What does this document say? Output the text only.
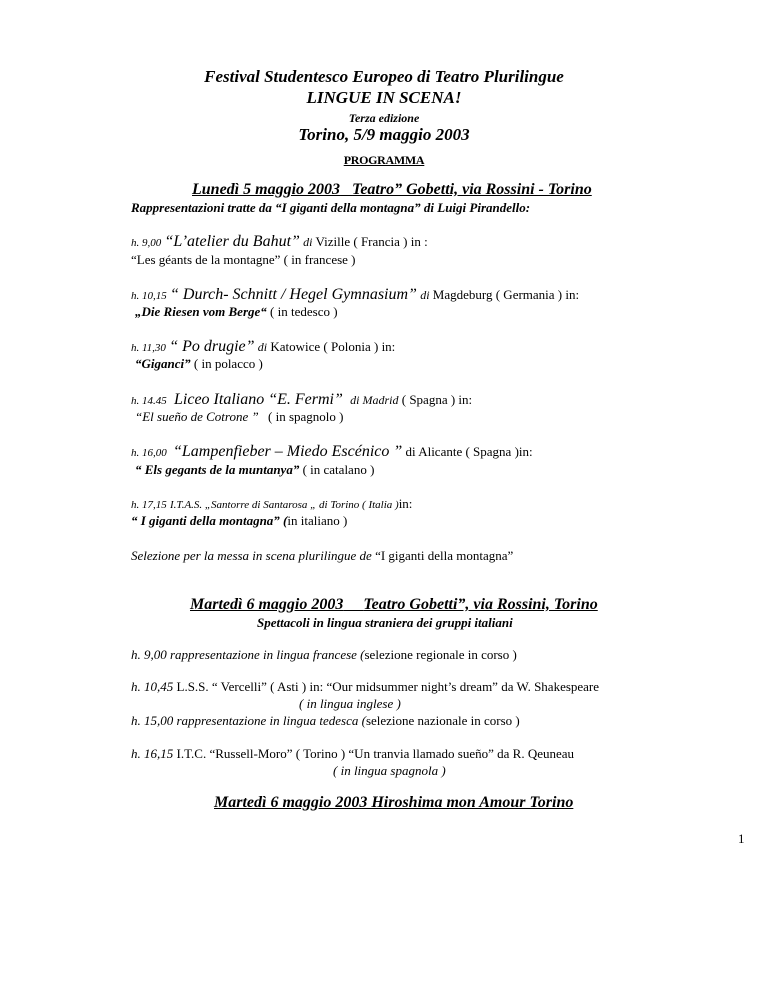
Festival Studentesco Europeo di Teatro Plurilingue
LINGUE IN SCENA!
Terza edizione
Torino, 5/9 maggio 2003
PROGRAMMA
Lunedì 5 maggio 2003 Teatro” Gobetti, via Rossini - Torino
Rappresentazioni tratte da “I giganti della montagna” di Luigi Pirandello:
h. 9,00 “L’atelier du Bahut” di Vizille ( Francia ) in :
“Les géants de la montagne” ( in francese )
h. 10,15 “ Durch- Schnitt / Hegel Gymnasium” di Magdeburg ( Germania ) in:
„Die Riesen vom Berge“ ( in tedesco )
h. 11,30 “ Po drugie” di Katowice ( Polonia ) in:
“Giganci” ( in polacco )
h. 14.45 Liceo Italiano “E. Fermi” di Madrid ( Spagna ) in:
“El sueño de Cotrone ” ( in spagnolo )
h. 16,00 “Lampenfieber – Miedo Escénico ” di Alicante ( Spagna )in:
“ Els gegants de la muntanya” ( in catalano )
h. 17,15 I.T.A.S. „Santorre di Santarosa „ di Torino ( Italia )in:
“ I giganti della montagna” (in italiano )
Selezione per la messa in scena plurilingue de “I giganti della montagna”
Martedì 6 maggio 2003 Teatro Gobetti”, via Rossini, Torino
Spettacoli in lingua straniera dei gruppi italiani
h. 9,00 rappresentazione in lingua francese (selezione regionale in corso )
h. 10,45 L.S.S. “ Vercelli” ( Asti ) in: “Our midsummer night’s dream” da W. Shakespeare
( in lingua inglese )
h. 15,00 rappresentazione in lingua tedesca (selezione nazionale in corso )
h. 16,15 I.T.C. “Russell-Moro” ( Torino ) “Un tranvia llamado sueño” da R. Qeuneau
( in lingua spagnola )
Martedì 6 maggio 2003 Hiroshima mon Amour Torino
1
